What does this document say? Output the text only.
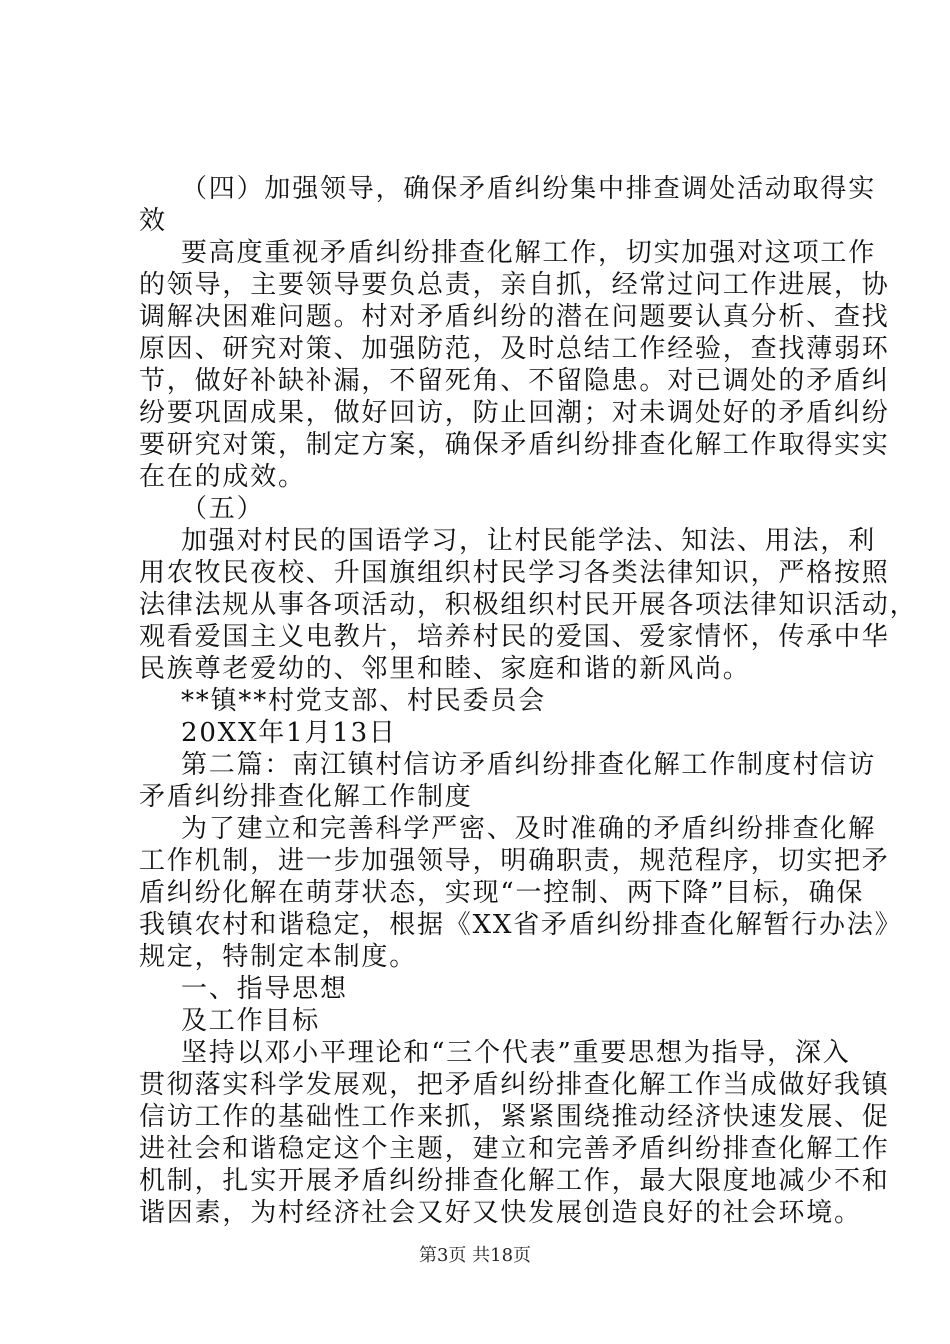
（四）加强领导，确保矛盾纠纷集中排查调处活动取得实
效
要高度重视矛盾纠纷排查化解工作，切实加强对这项工作
的领导，主要领导要负总责，亲自抓，经常过问工作进展，协
调解决困难问题。村对矛盾纠纷的潜在问题要认真分析、查找
原因、研究对策、加强防范，及时总结工作经验，查找薄弱环
节，做好补缺补漏，不留死角、不留隐患。对已调处的矛盾纠
纷要巩固成果，做好回访，防止回潮；对未调处好的矛盾纠纷
要研究对策，制定方案，确保矛盾纠纷排查化解工作取得实实
在在的成效。
（五）
加强对村民的国语学习，让村民能学法、知法、用法，利
用农牧民夜校、升国旗组织村民学习各类法律知识，严格按照
法律法规从事各项活动，积极组织村民开展各项法律知识活动，
观看爱国主义电教片，培养村民的爱国、爱家情怀，传承中华
民族尊老爱幼的、邻里和睦、家庭和谐的新风尚。
**镇**村党支部、村民委员会
20XX年1月13日
第二篇：南江镇村信访矛盾纠纷排查化解工作制度村信访
矛盾纠纷排查化解工作制度
为了建立和完善科学严密、及时准确的矛盾纠纷排查化解
工作机制，进一步加强领导，明确职责，规范程序，切实把矛
盾纠纷化解在萌芽状态，实现“一控制、两下降”目标，确保
我镇农村和谐稳定，根据《XX省矛盾纠纷排查化解暂行办法》
规定，特制定本制度。
一、指导思想
及工作目标
坚持以邓小平理论和“三个代表”重要思想为指导，深入
贯彻落实科学发展观，把矛盾纠纷排查化解工作当成做好我镇
信访工作的基础性工作来抓，紧紧围绕推动经济快速发展、促
进社会和谐稳定这个主题，建立和完善矛盾纠纷排查化解工作
机制，扎实开展矛盾纠纷排查化解工作，最大限度地减少不和
谐因素，为村经济社会又好又快发展创造良好的社会环境。
第3页 共18页
